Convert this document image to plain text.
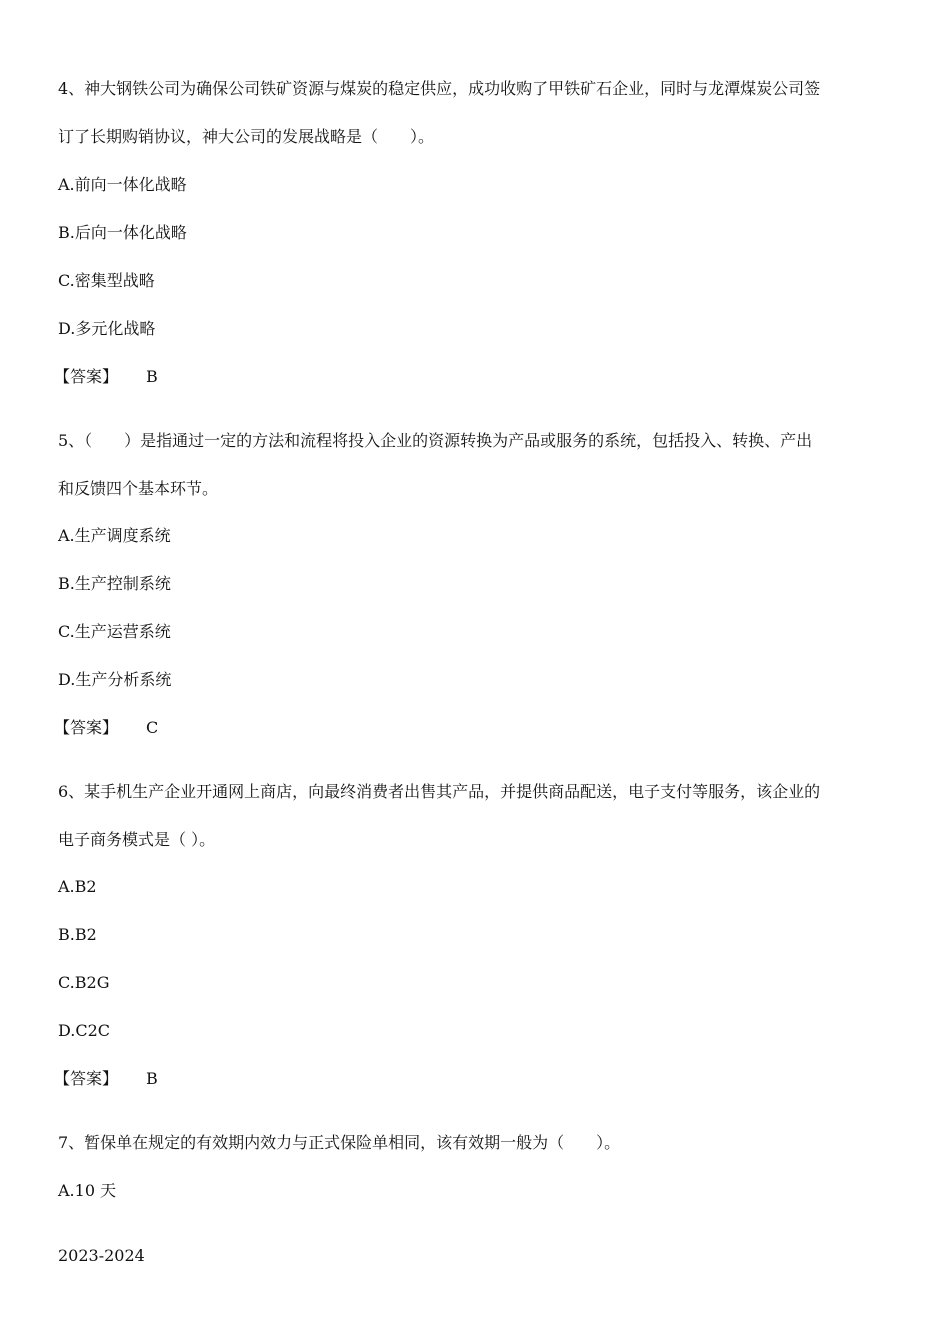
4、神大钢铁公司为确保公司铁矿资源与煤炭的稳定供应，成功收购了甲铁矿石企业，同时与龙潭煤炭公司签
订了长期购销协议，神大公司的发展战略是（　　）。
A.前向一体化战略
B.后向一体化战略
C.密集型战略
D.多元化战略
【答案】 B
5、（　　）是指通过一定的方法和流程将投入企业的资源转换为产品或服务的系统，包括投入、转换、产出
和反馈四个基本环节。
A.生产调度系统
B.生产控制系统
C.生产运营系统
D.生产分析系统
【答案】 C
6、某手机生产企业开通网上商店，向最终消费者出售其产品，并提供商品配送，电子支付等服务，该企业的
电子商务模式是（ ）。
A.B2
B.B2
C.B2G
D.C2C
【答案】 B
7、暂保单在规定的有效期内效力与正式保险单相同，该有效期一般为（　　）。
A.10 天
2023-2024
